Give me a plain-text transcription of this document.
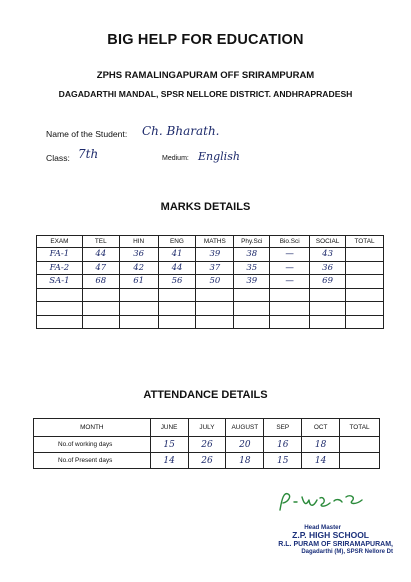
BIG HELP FOR EDUCATION
ZPHS RAMALINGAPURAM OFF SRIRAMPURAM
DAGADARTHI MANDAL, SPSR NELLORE DISTRICT. ANDHRAPRADESH
Name of the Student: Ch. Bharath.
Class: 7th	Medium: English
MARKS DETAILS
EXAM	TEL	HIN	ENG	MATHS	Phy.Sci	Bio.Sci	SOCIAL	TOTAL
FA-1	44	36	41	39	38	—	43	
FA-2	47	42	44	37	35	—	36	
SA-1	68	61	56	50	39	—	69	

ATTENDANCE DETAILS
MONTH	JUNE	JULY	AUGUST	SEP	OCT	TOTAL
No.of working days	15	26	20	16	18	
No.of Present days	14	26	18	15	14	
Head Master
Z.P. HIGH SCHOOL
R.L. PURAM OF SRIRAMAPURAM,
Dagadarthi (M), SPSR Nellore Dt
